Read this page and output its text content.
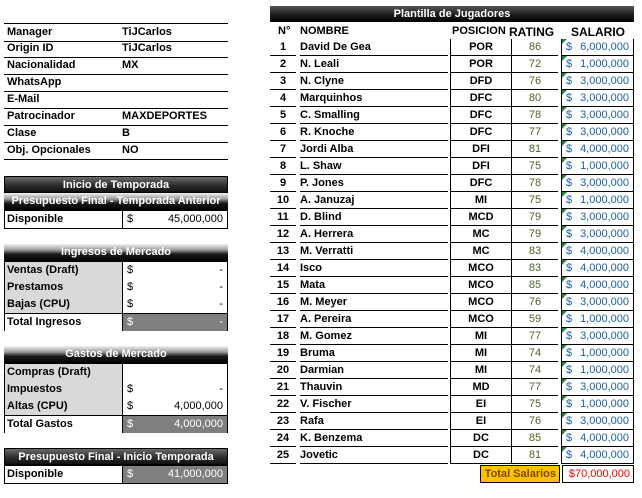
Manager	TiJCarlos
Origin ID	TiJCarlos
Nacionalidad	MX
WhatsApp
E-Mail
Patrocinador	MAXDEPORTES
Clase	B
Obj. Opcionales	NO
Inicio de Temporada
Presupuesto Final - Temporada Anterior
Disponible	$	45,000,000
Ingresos de Mercado
Ventas (Draft)	$	-
Prestamos	$	-
Bajas (CPU)	$	-
Total Ingresos	$	-
Gastos de Mercado
Compras (Draft)
Impuestos	$	-
Altas (CPU)	$	4,000,000
Total Gastos	$	4,000,000
Presupuesto Final - Inicio Temporada
Disponible	$	41,000,000
Plantilla de Jugadores
N° NOMBRE	POSICION RATING SALARIO
1	David De Gea	POR	86	$ 6,000,000
2	N. Leali	POR	72	$ 1,000,000
3	N. Clyne	DFD	76	$ 3,000,000
4	Marquinhos	DFC	80	$ 3,000,000
5	C. Smalling	DFC	78	$ 3,000,000
6	R. Knoche	DFC	77	$ 3,000,000
7	Jordi Alba	DFI	81	$ 4,000,000
8	L. Shaw	DFI	75	$ 1,000,000
9	P. Jones	DFC	78	$ 3,000,000
10 A. Januzaj	MI	75	$ 1,000,000
11	D. Blind	MCD	79	$ 3,000,000
12 A. Herrera	MC	79	$ 3,000,000
13 M. Verratti	MC	83	$ 4,000,000
14 Isco	MCO	83	$ 4,000,000
15 Mata	MCO	85	$ 4,000,000
16 M. Meyer	MCO	76	$ 3,000,000
17 A. Pereira	MCO	59	$ 1,000,000
18 M. Gomez	MI	77	$ 3,000,000
19 Bruma	MI	74	$ 1,000,000
20 Darmian	MI	74	$ 1,000,000
21 Thauvin	MD	77	$ 3,000,000
22 V. Fischer	EI	75	$ 1,000,000
23 Rafa	EI	76	$ 3,000,000
24 K. Benzema	DC	85	$ 4,000,000
25 Jovetic	DC	81	$ 4,000,000
Total Salarios	$70,000,000
